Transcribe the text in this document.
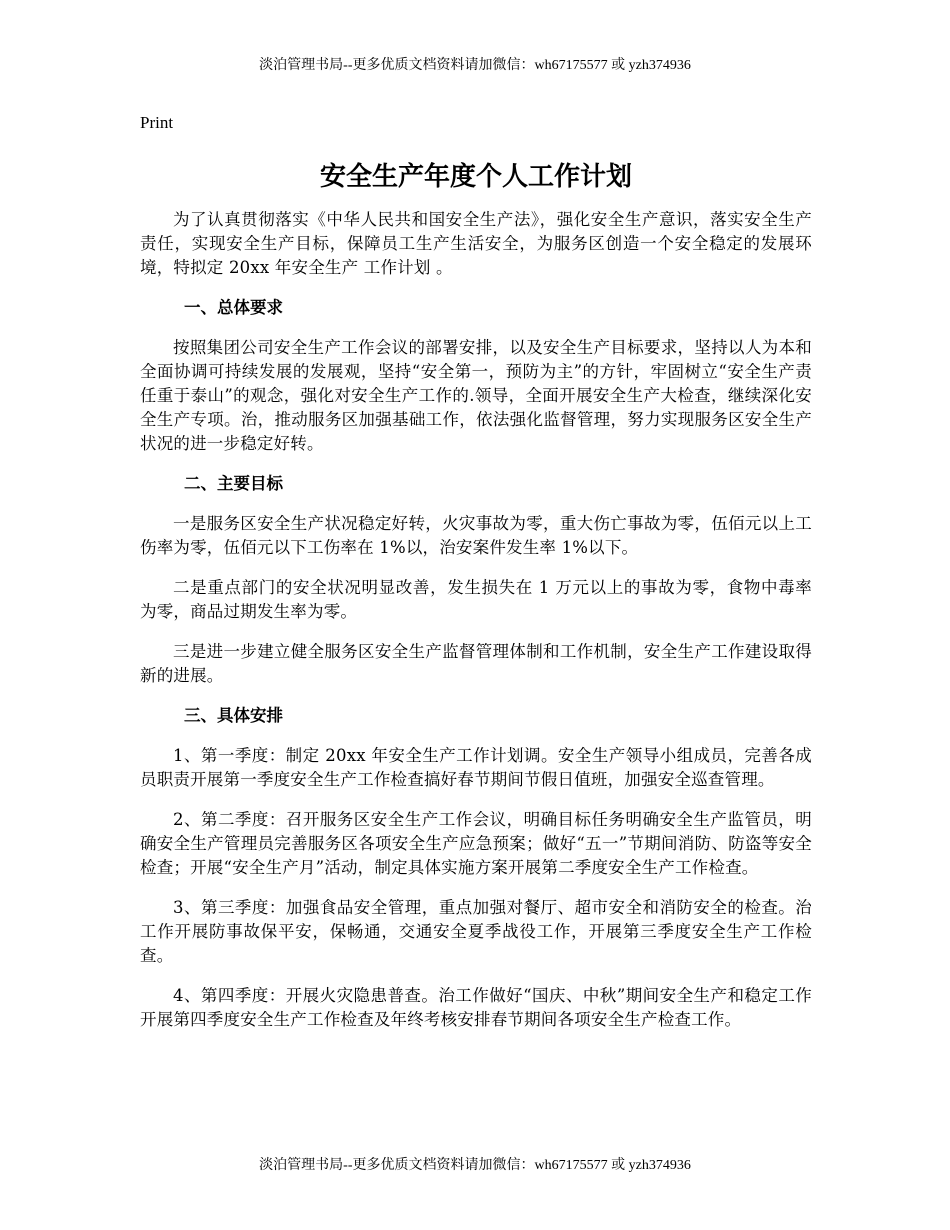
淡泊管理书局--更多优质文档资料请加微信：wh67175577 或 yzh374936
Print
安全生产年度个人工作计划

为了认真贯彻落实《中华人民共和国安全生产法》，强化安全生产意识，落实安全生产责任，实现安全生产目标，保障员工生产生活安全，为服务区创造一个安全稳定的发展环境，特拟定 20xx 年安全生产 工作计划 。

一、总体要求

按照集团公司安全生产工作会议的部署安排，以及安全生产目标要求，坚持以人为本和全面协调可持续发展的发展观，坚持“安全第一，预防为主”的方针，牢固树立“安全生产责任重于泰山”的观念，强化对安全生产工作的.领导，全面开展安全生产大检查，继续深化安全生产专项。治，推动服务区加强基础工作，依法强化监督管理，努力实现服务区安全生产状况的进一步稳定好转。

二、主要目标

一是服务区安全生产状况稳定好转，火灾事故为零，重大伤亡事故为零，伍佰元以上工伤率为零，伍佰元以下工伤率在 1%以，治安案件发生率 1%以下。

二是重点部门的安全状况明显改善，发生损失在 1 万元以上的事故为零，食物中毒率为零，商品过期发生率为零。

三是进一步建立健全服务区安全生产监督管理体制和工作机制，安全生产工作建设取得新的进展。

三、具体安排

1、第一季度：制定 20xx 年安全生产工作计划调。安全生产领导小组成员，完善各成员职责开展第一季度安全生产工作检查搞好春节期间节假日值班，加强安全巡查管理。

2、第二季度：召开服务区安全生产工作会议，明确目标任务明确安全生产监管员，明确安全生产管理员完善服务区各项安全生产应急预案；做好“五一”节期间消防、防盗等安全检查；开展“安全生产月”活动，制定具体实施方案开展第二季度安全生产工作检查。

3、第三季度：加强食品安全管理，重点加强对餐厅、超市安全和消防安全的检查。治工作开展防事故保平安，保畅通，交通安全夏季战役工作，开展第三季度安全生产工作检查。

4、第四季度：开展火灾隐患普查。治工作做好“国庆、中秋”期间安全生产和稳定工作开展第四季度安全生产工作检查及年终考核安排春节期间各项安全生产检查工作。

淡泊管理书局--更多优质文档资料请加微信：wh67175577 或 yzh374936
